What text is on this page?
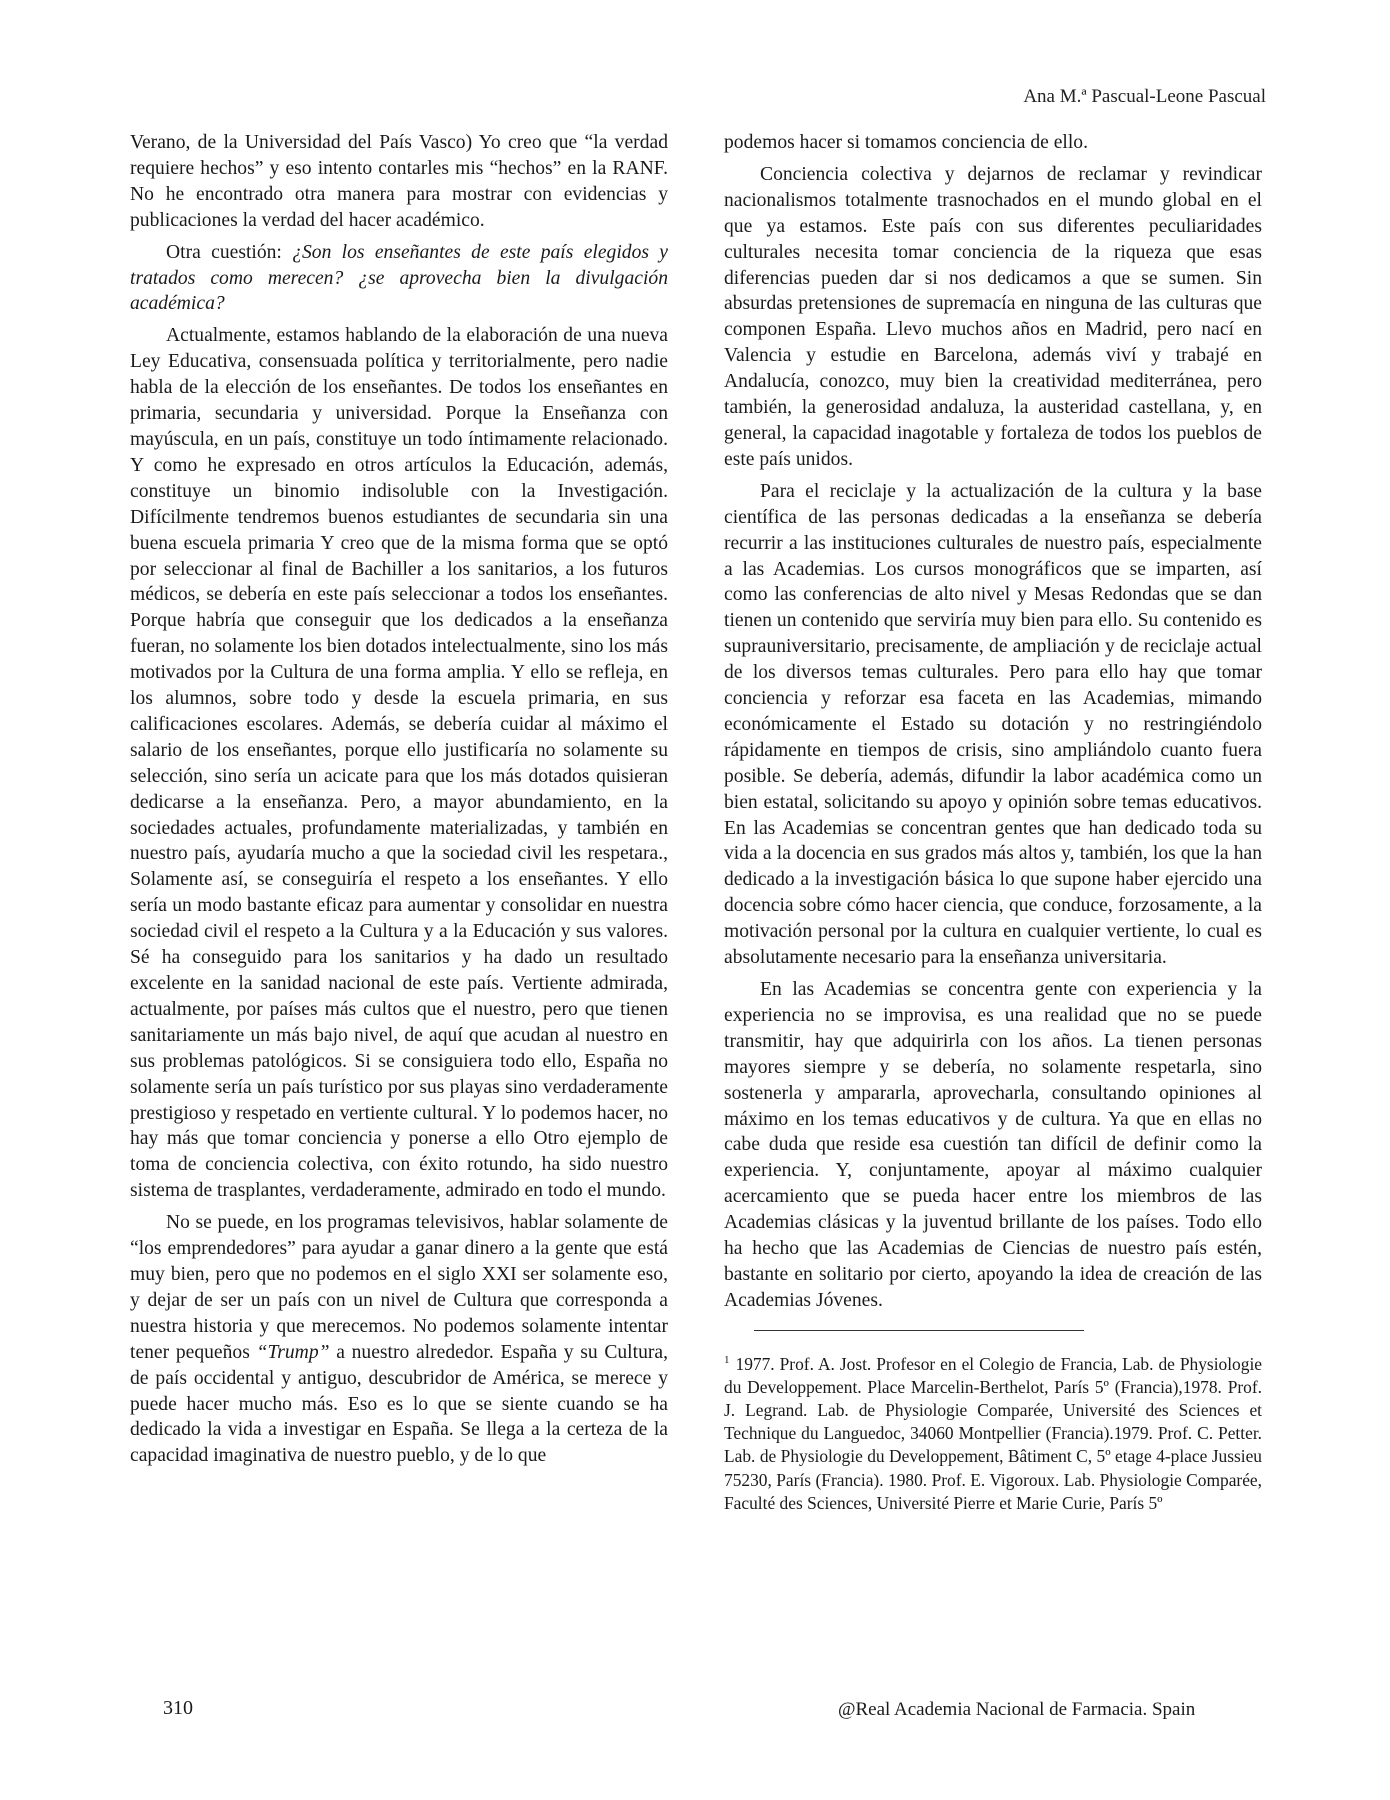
Ana M.ª Pascual-Leone Pascual

Verano, de la Universidad del País Vasco) Yo creo que “la verdad requiere hechos” y eso intento contarles mis “hechos” en la RANF. No he encontrado otra manera para mostrar con evidencias y publicaciones la verdad del hacer académico.

Otra cuestión: ¿Son los enseñantes de este país elegidos y tratados como merecen? ¿se aprovecha bien la divulgación académica?

Actualmente, estamos hablando de la elaboración de una nueva Ley Educativa, consensuada política y territorialmente, pero nadie habla de la elección de los enseñantes. De todos los enseñantes en primaria, secundaria y universidad. Porque la Enseñanza con mayúscula, en un país, constituye un todo íntimamente relacionado. Y como he expresado en otros artículos la Educación, además, constituye un binomio indisoluble con la Investigación. Difícilmente tendremos buenos estudiantes de secundaria sin una buena escuela primaria Y creo que de la misma forma que se optó por seleccionar al final de Bachiller a los sanitarios, a los futuros médicos, se debería en este país seleccionar a todos los enseñantes. Porque habría que conseguir que los dedicados a la enseñanza fueran, no solamente los bien dotados intelectualmente, sino los más motivados por la Cultura de una forma amplia. Y ello se refleja, en los alumnos, sobre todo y desde la escuela primaria, en sus calificaciones escolares. Además, se debería cuidar al máximo el salario de los enseñantes, porque ello justificaría no solamente su selección, sino sería un acicate para que los más dotados quisieran dedicarse a la enseñanza. Pero, a mayor abundamiento, en la sociedades actuales, profundamente materializadas, y también en nuestro país, ayudaría mucho a que la sociedad civil les respetara., Solamente así, se conseguiría el respeto a los enseñantes. Y ello sería un modo bastante eficaz para aumentar y consolidar en nuestra sociedad civil el respeto a la Cultura y a la Educación y sus valores. Sé ha conseguido para los sanitarios y ha dado un resultado excelente en la sanidad nacional de este país. Vertiente admirada, actualmente, por países más cultos que el nuestro, pero que tienen sanitariamente un más bajo nivel, de aquí que acudan al nuestro en sus problemas patológicos. Si se consiguiera todo ello, España no solamente sería un país turístico por sus playas sino verdaderamente prestigioso y respetado en vertiente cultural. Y lo podemos hacer, no hay más que tomar conciencia y ponerse a ello Otro ejemplo de toma de conciencia colectiva, con éxito rotundo, ha sido nuestro sistema de trasplantes, verdaderamente, admirado en todo el mundo.

No se puede, en los programas televisivos, hablar solamente de “los emprendedores” para ayudar a ganar dinero a la gente que está muy bien, pero que no podemos en el siglo XXI ser solamente eso, y dejar de ser un país con un nivel de Cultura que corresponda a nuestra historia y que merecemos. No podemos solamente intentar tener pequeños “Trump” a nuestro alrededor. España y su Cultura, de país occidental y antiguo, descubridor de América, se merece y puede hacer mucho más. Eso es lo que se siente cuando se ha dedicado la vida a investigar en España. Se llega a la certeza de la capacidad imaginativa de nuestro pueblo, y de lo que

podemos hacer si tomamos conciencia de ello.

Conciencia colectiva y dejarnos de reclamar y revindicar nacionalismos totalmente trasnochados en el mundo global en el que ya estamos. Este país con sus diferentes peculiaridades culturales necesita tomar conciencia de la riqueza que esas diferencias pueden dar si nos dedicamos a que se sumen. Sin absurdas pretensiones de supremacía en ninguna de las culturas que componen España. Llevo muchos años en Madrid, pero nací en Valencia y estudie en Barcelona, además viví y trabajé en Andalucía, conozco, muy bien la creatividad mediterránea, pero también, la generosidad andaluza, la austeridad castellana, y, en general, la capacidad inagotable y fortaleza de todos los pueblos de este país unidos.

Para el reciclaje y la actualización de la cultura y la base científica de las personas dedicadas a la enseñanza se debería recurrir a las instituciones culturales de nuestro país, especialmente a las Academias. Los cursos monográficos que se imparten, así como las conferencias de alto nivel y Mesas Redondas que se dan tienen un contenido que serviría muy bien para ello. Su contenido es suprauniversitario, precisamente, de ampliación y de reciclaje actual de los diversos temas culturales. Pero para ello hay que tomar conciencia y reforzar esa faceta en las Academias, mimando económicamente el Estado su dotación y no restringiéndolo rápidamente en tiempos de crisis, sino ampliándolo cuanto fuera posible. Se debería, además, difundir la labor académica como un bien estatal, solicitando su apoyo y opinión sobre temas educativos. En las Academias se concentran gentes que han dedicado toda su vida a la docencia en sus grados más altos y, también, los que la han dedicado a la investigación básica lo que supone haber ejercido una docencia sobre cómo hacer ciencia, que conduce, forzosamente, a la motivación personal por la cultura en cualquier vertiente, lo cual es absolutamente necesario para la enseñanza universitaria.

En las Academias se concentra gente con experiencia y la experiencia no se improvisa, es una realidad que no se puede transmitir, hay que adquirirla con los años. La tienen personas mayores siempre y se debería, no solamente respetarla, sino sostenerla y ampararla, aprovecharla, consultando opiniones al máximo en los temas educativos y de cultura. Ya que en ellas no cabe duda que reside esa cuestión tan difícil de definir como la experiencia. Y, conjuntamente, apoyar al máximo cualquier acercamiento que se pueda hacer entre los miembros de las Academias clásicas y la juventud brillante de los países. Todo ello ha hecho que las Academias de Ciencias de nuestro país estén, bastante en solitario por cierto, apoyando la idea de creación de las Academias Jóvenes.

$^1$ 1977. Prof. A. Jost. Profesor en el Colegio de Francia, Lab. de Physiologie du Developpement. Place Marcelin-Berthelot, París 5º (Francia),1978. Prof. J. Legrand. Lab. de Physiologie Comparée, Université des Sciences et Technique du Languedoc, 34060 Montpellier (Francia).1979. Prof. C. Petter. Lab. de Physiologie du Developpement, Bâtiment C, 5º etage 4-place Jussieu 75230, París (Francia). 1980. Prof. E. Vigoroux. Lab. Physiologie Comparée, Faculté des Sciences, Université Pierre et Marie Curie, París 5º

310	@Real Academia Nacional de Farmacia. Spain
